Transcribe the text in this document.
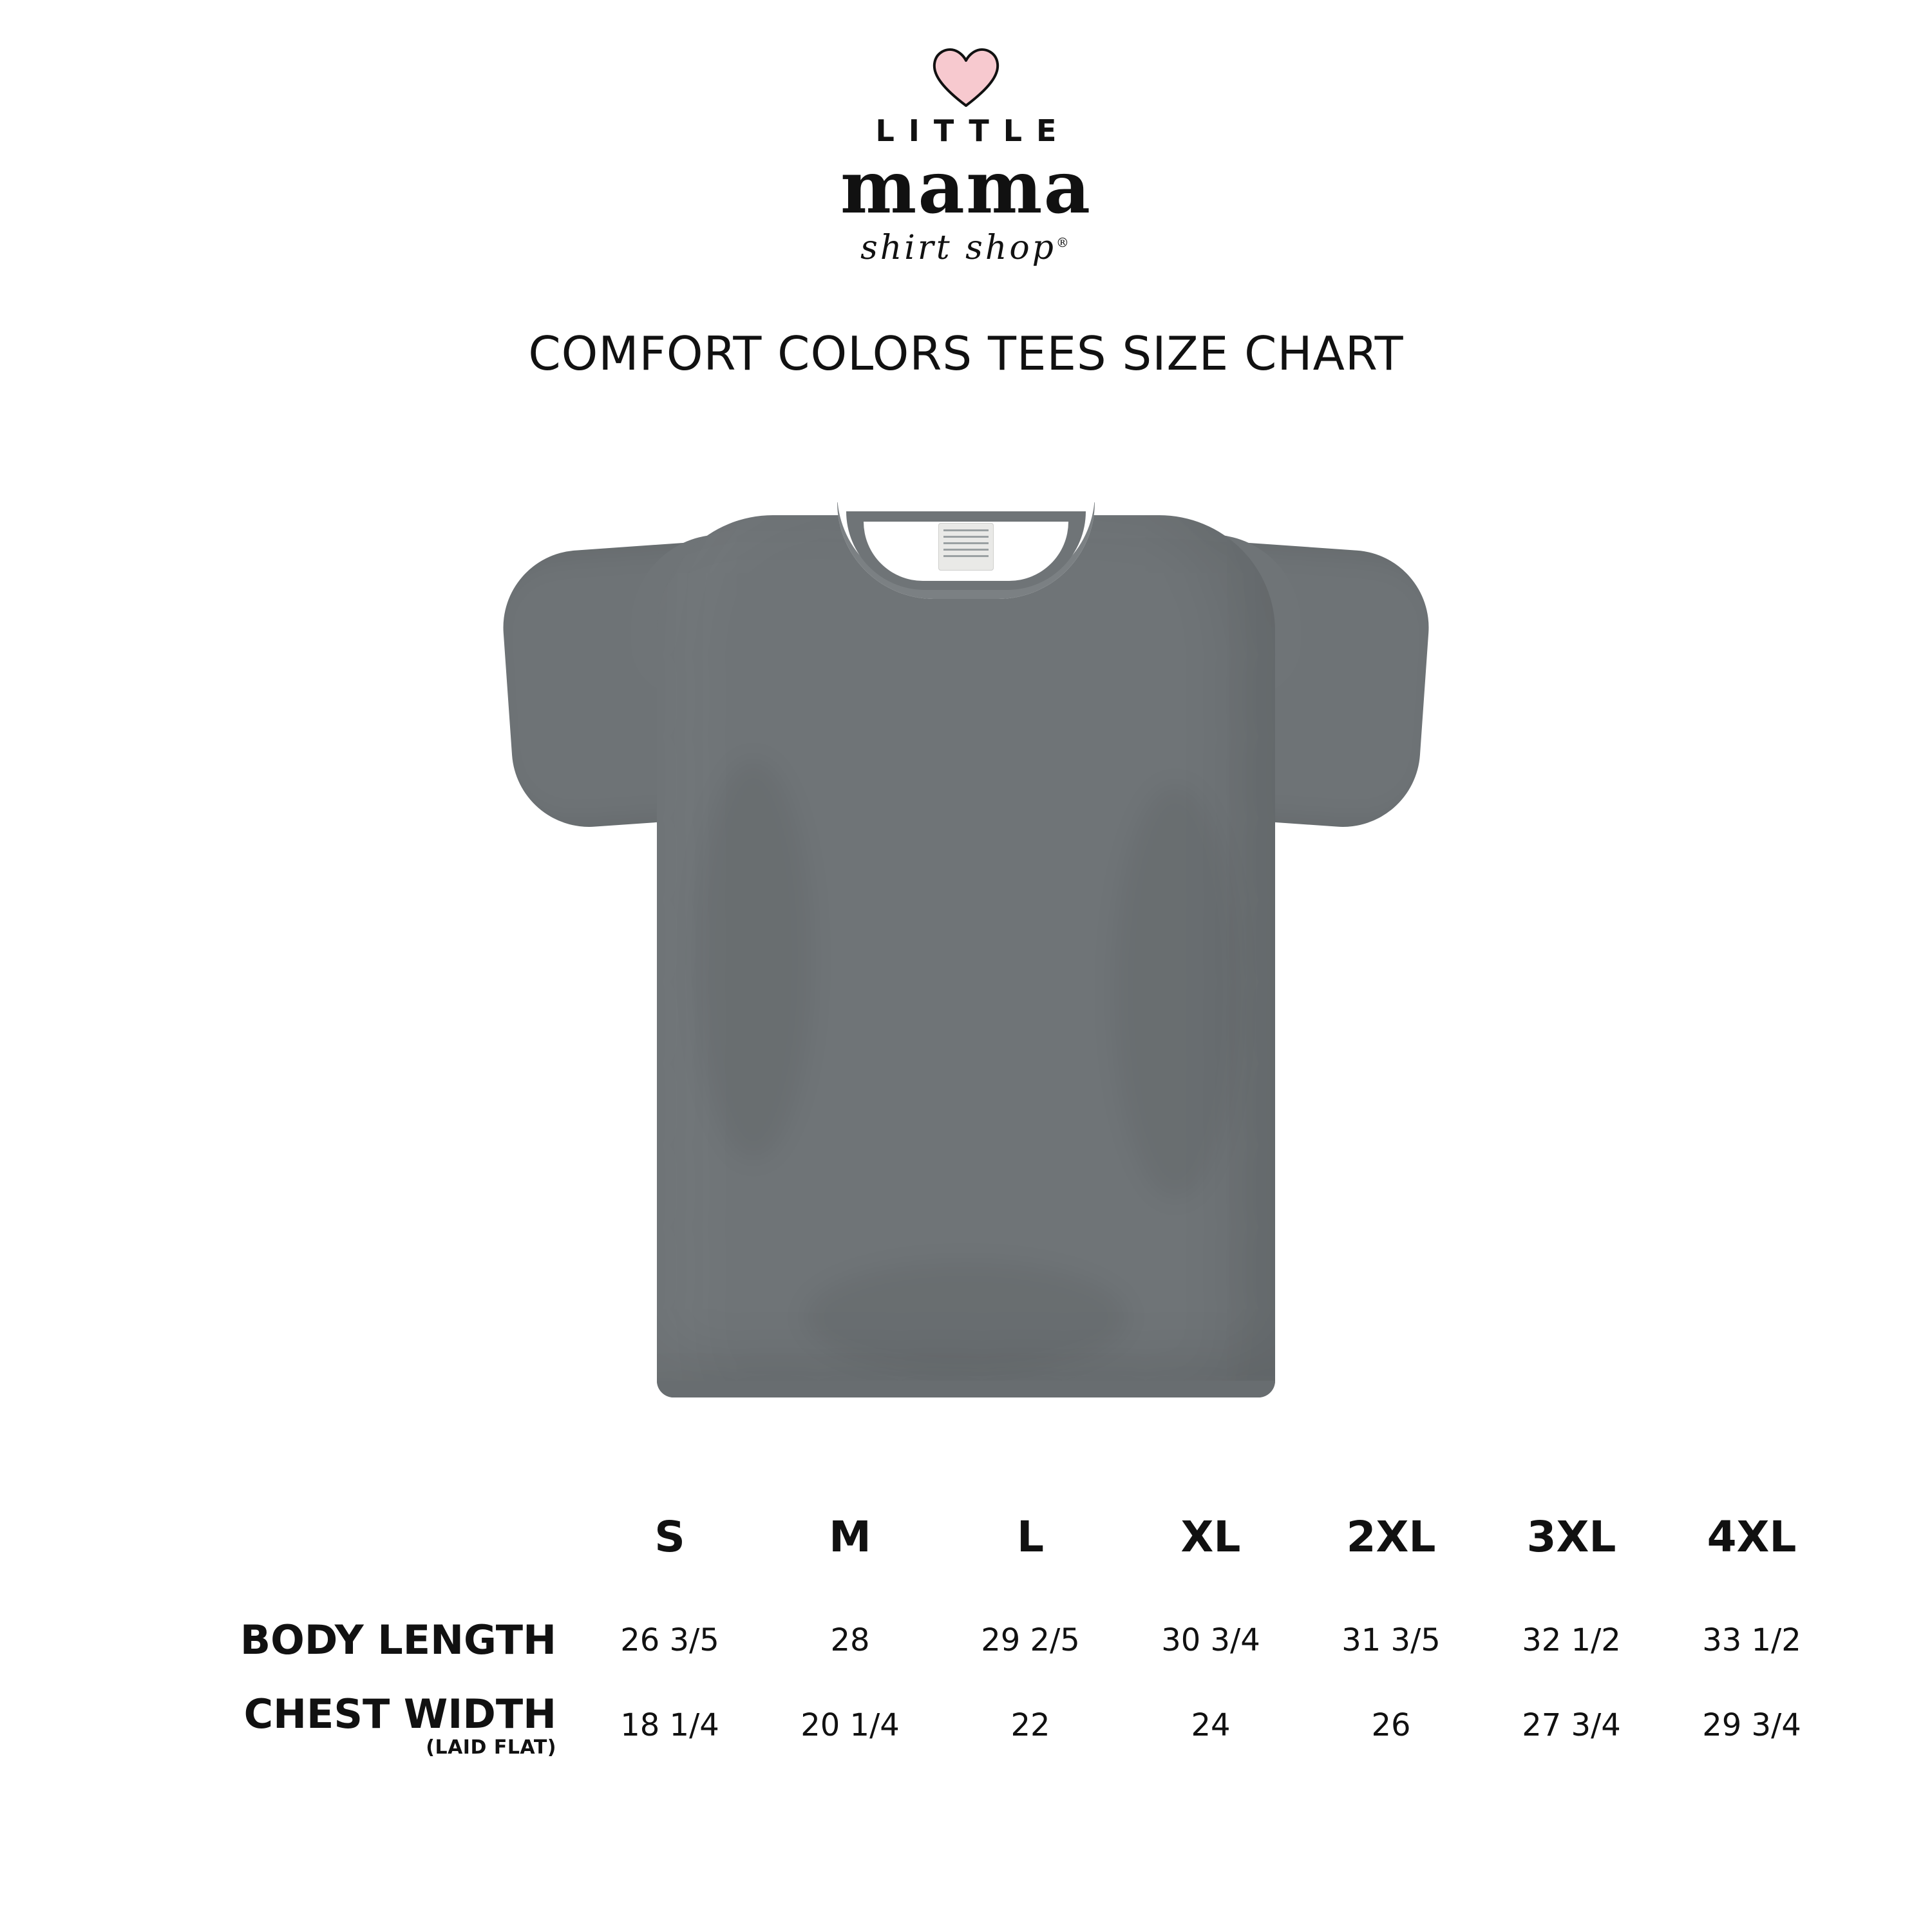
LITTLE
mama
shirt shop®
COMFORT COLORS TEES SIZE CHART
	S	M	L	XL	2XL	3XL	4XL
BODY LENGTH	26 3/5	28	29 2/5	30 3/4	31 3/5	32 1/2	33 1/2
CHEST WIDTH
(LAID FLAT)	18 1/4	20 1/4	22	24	26	27 3/4	29 3/4
